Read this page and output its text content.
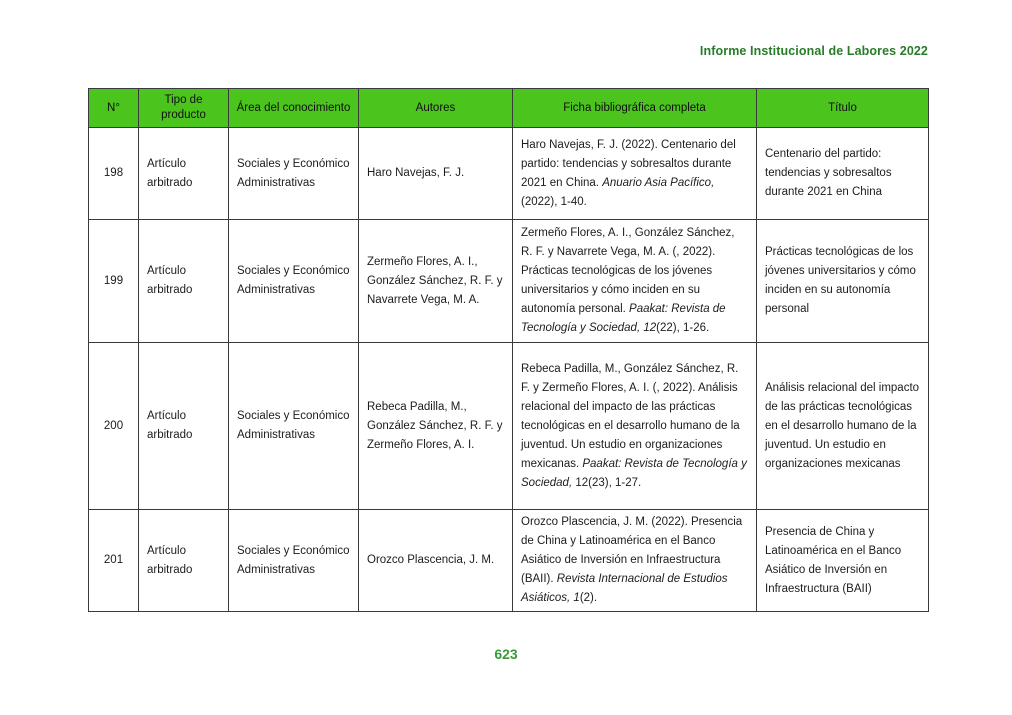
Informe Institucional de Labores 2022
N°	Tipo de producto	Área del conocimiento	Autores	Ficha bibliográfica completa	Título
198	Artículo arbitrado	Sociales y Económico Administrativas	Haro Navejas, F. J.	Haro Navejas, F. J. (2022). Centenario del partido: tendencias y sobresaltos durante 2021 en China. Anuario Asia Pacífico, (2022), 1-40.	Centenario del partido: tendencias y sobresaltos durante 2021 en China
199	Artículo arbitrado	Sociales y Económico Administrativas	Zermeño Flores, A. I., González Sánchez, R. F. y Navarrete Vega, M. A.	Zermeño Flores, A. I., González Sánchez, R. F. y Navarrete Vega, M. A. (, 2022). Prácticas tecnológicas de los jóvenes universitarios y cómo inciden en su autonomía personal. Paakat: Revista de Tecnología y Sociedad, 12(22), 1-26.	Prácticas tecnológicas de los jóvenes universitarios y cómo inciden en su autonomía personal
200	Artículo arbitrado	Sociales y Económico Administrativas	Rebeca Padilla, M., González Sánchez, R. F. y Zermeño Flores, A. I.	Rebeca Padilla, M., González Sánchez, R. F. y Zermeño Flores, A. I. (, 2022). Análisis relacional del impacto de las prácticas tecnológicas en el desarrollo humano de la juventud. Un estudio en organizaciones mexicanas. Paakat: Revista de Tecnología y Sociedad, 12(23), 1-27.	Análisis relacional del impacto de las prácticas tecnológicas en el desarrollo humano de la juventud. Un estudio en organizaciones mexicanas
201	Artículo arbitrado	Sociales y Económico Administrativas	Orozco Plascencia, J. M.	Orozco Plascencia, J. M. (2022). Presencia de China y Latinoamérica en el Banco Asiático de Inversión en Infraestructura (BAII). Revista Internacional de Estudios Asiáticos, 1(2).	Presencia de China y Latinoamérica en el Banco Asiático de Inversión en Infraestructura (BAII)
623
